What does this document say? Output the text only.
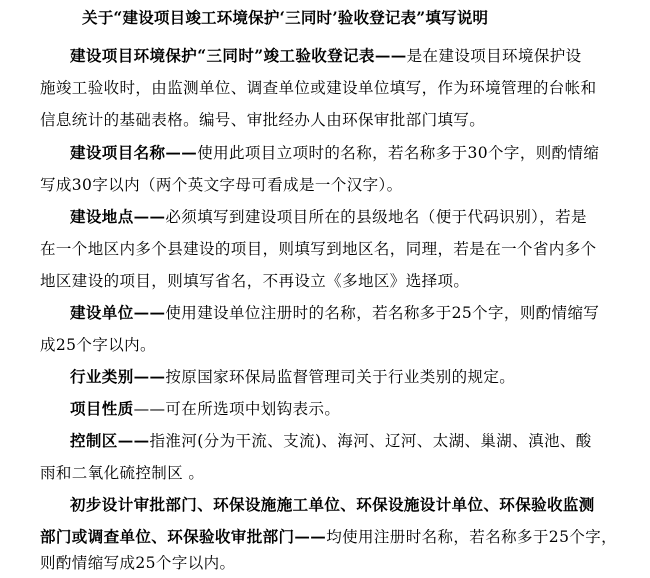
关于“建设项目竣工环境保护‘三同时’验收登记表”填写说明
建设项目环境保护“三同时”竣工验收登记表——是在建设项目环境保护设
施竣工验收时，由监测单位、调查单位或建设单位填写，作为环境管理的台帐和
信息统计的基础表格。编号、审批经办人由环保审批部门填写。
建设项目名称——使用此项目立项时的名称，若名称多于30个字，则酌情缩
写成30字以内（两个英文字母可看成是一个汉字）。
建设地点——必须填写到建设项目所在的县级地名（便于代码识别），若是
在一个地区内多个县建设的项目，则填写到地区名，同理，若是在一个省内多个
地区建设的项目，则填写省名，不再设立《多地区》选择项。
建设单位——使用建设单位注册时的名称，若名称多于25个字，则酌情缩写
成25个字以内。
行业类别——按原国家环保局监督管理司关于行业类别的规定。
项目性质——可在所选项中划钩表示。
控制区——指淮河(分为干流、支流)、海河、辽河、太湖、巢湖、滇池、酸
雨和二氧化硫控制区 。
初步设计审批部门、环保设施施工单位、环保设施设计单位、环保验收监测
部门或调查单位、环保验收审批部门——均使用注册时名称，若名称多于25个字，
则酌情缩写成25个字以内。
